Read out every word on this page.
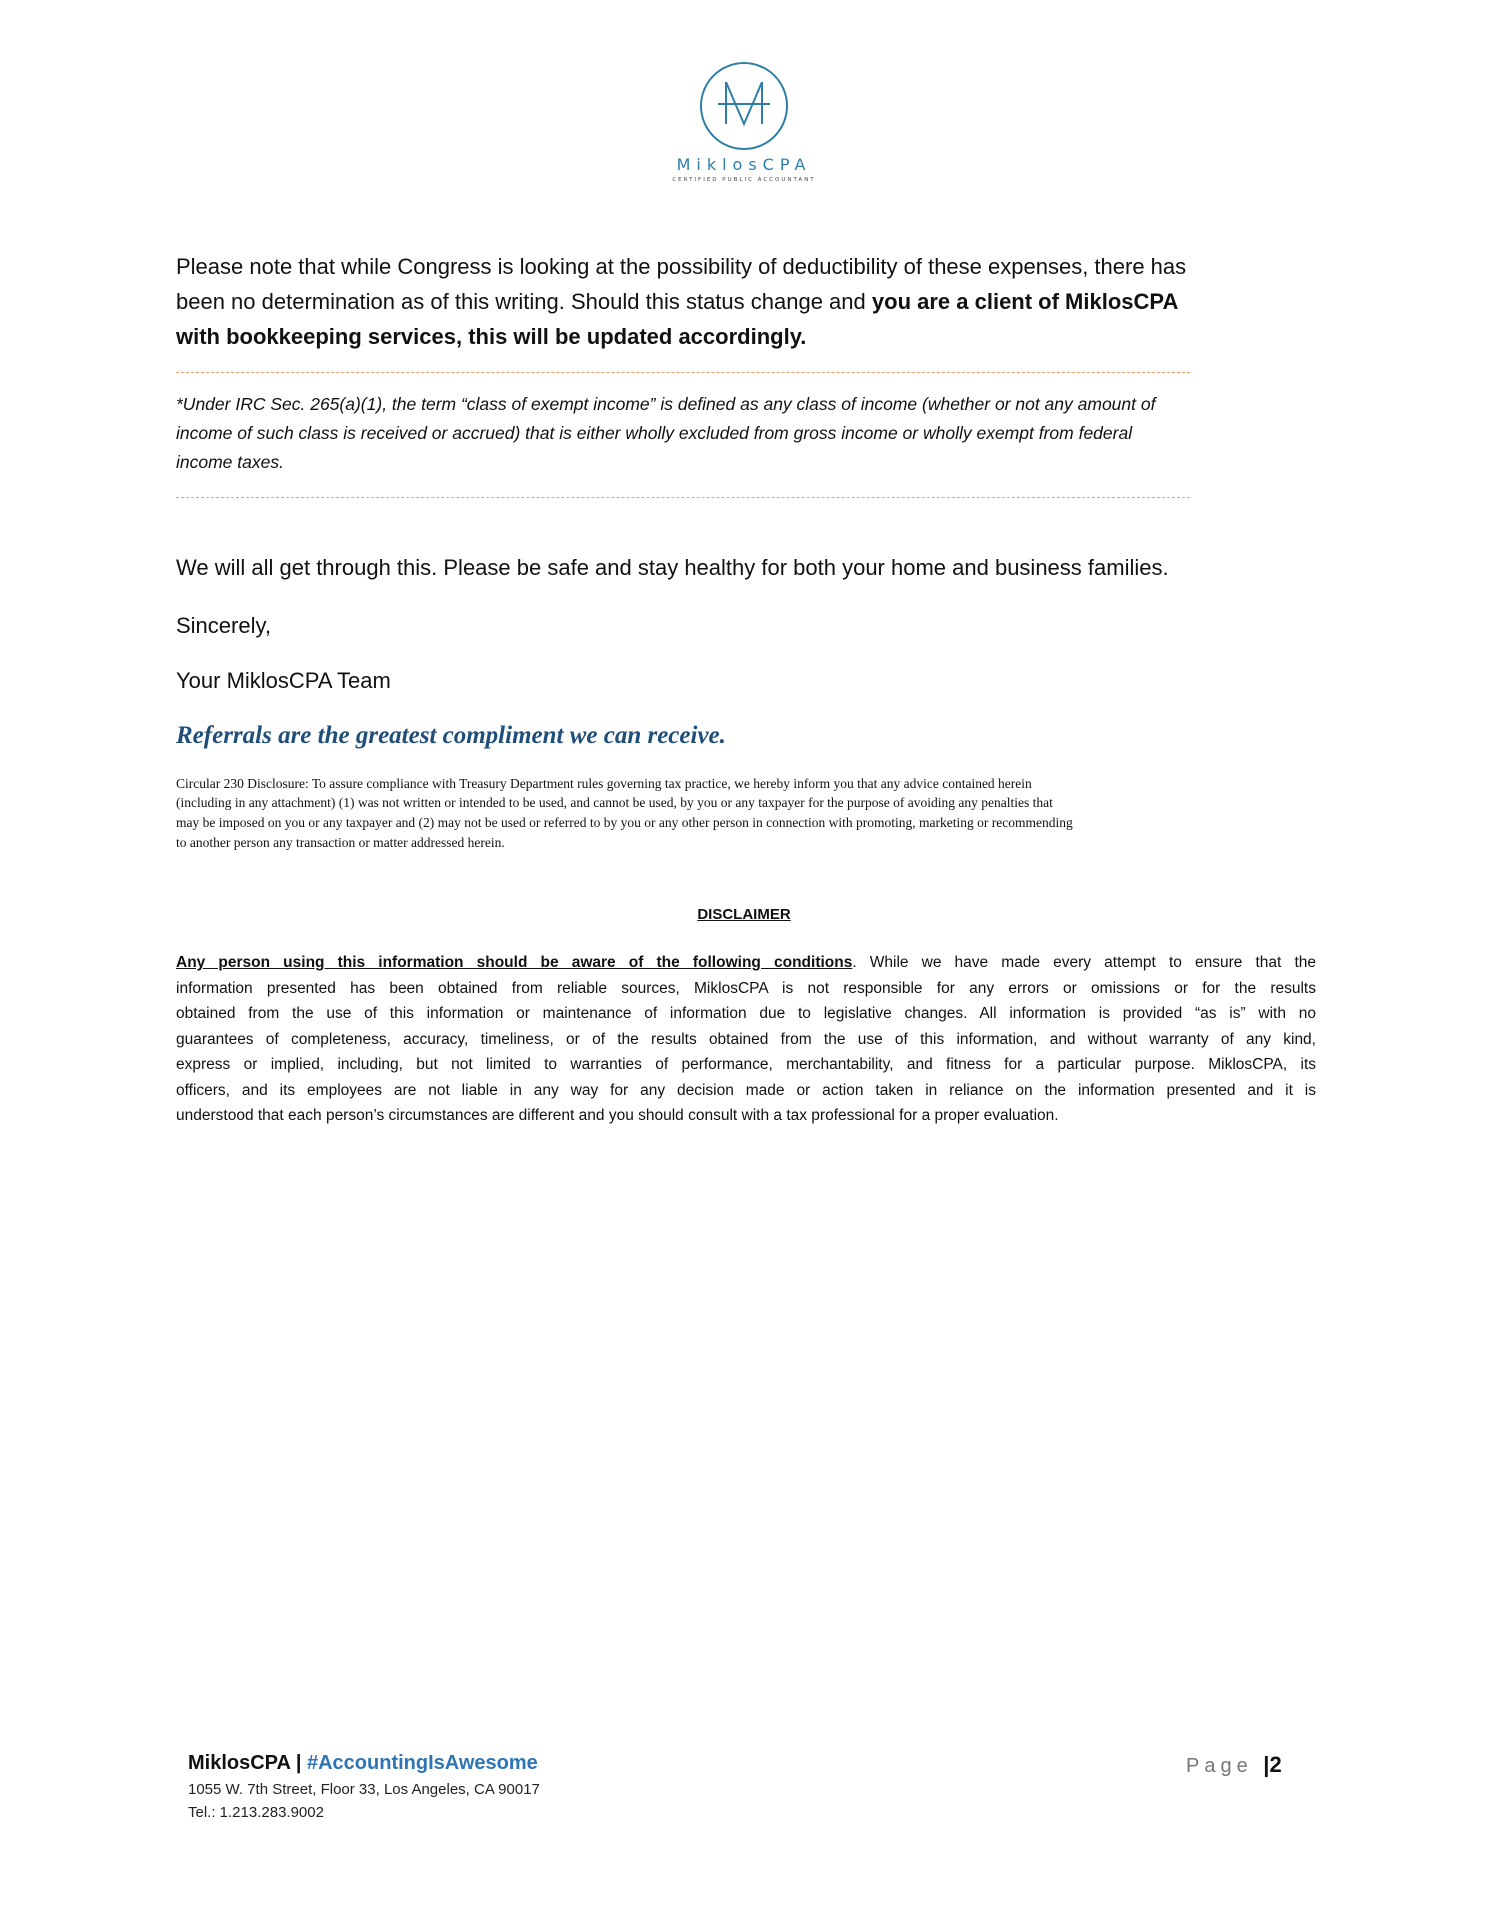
MiklosCPA
CERTIFIED PUBLIC ACCOUNTANT
Please note that while Congress is looking at the possibility of deductibility of these expenses, there has
been no determination as of this writing. Should this status change and you are a client of MiklosCPA
with bookkeeping services, this will be updated accordingly.
*Under IRC Sec. 265(a)(1), the term “class of exempt income” is defined as any class of income (whether or not any amount of
income of such class is received or accrued) that is either wholly excluded from gross income or wholly exempt from federal
income taxes.
We will all get through this. Please be safe and stay healthy for both your home and business families.
Sincerely,
Your MiklosCPA Team
Referrals are the greatest compliment we can receive.
Circular 230 Disclosure: To assure compliance with Treasury Department rules governing tax practice, we hereby inform you that any advice contained herein
(including in any attachment) (1) was not written or intended to be used, and cannot be used, by you or any taxpayer for the purpose of avoiding any penalties that
may be imposed on you or any taxpayer and (2) may not be used or referred to by you or any other person in connection with promoting, marketing or recommending
to another person any transaction or matter addressed herein.
DISCLAIMER
Any person using this information should be aware of the following conditions. While we have made every attempt to ensure that the
information presented has been obtained from reliable sources, MiklosCPA is not responsible for any errors or omissions or for the results
obtained from the use of this information or maintenance of information due to legislative changes. All information is provided “as is” with no
guarantees of completeness, accuracy, timeliness, or of the results obtained from the use of this information, and without warranty of any kind,
express or implied, including, but not limited to warranties of performance, merchantability, and fitness for a particular purpose. MiklosCPA, its
officers, and its employees are not liable in any way for any decision made or action taken in reliance on the information presented and it is
understood that each person’s circumstances are different and you should consult with a tax professional for a proper evaluation.
MiklosCPA | #AccountingIsAwesome
1055 W. 7th Street, Floor 33, Los Angeles, CA 90017
Tel.: 1.213.283.9002
Page |2
